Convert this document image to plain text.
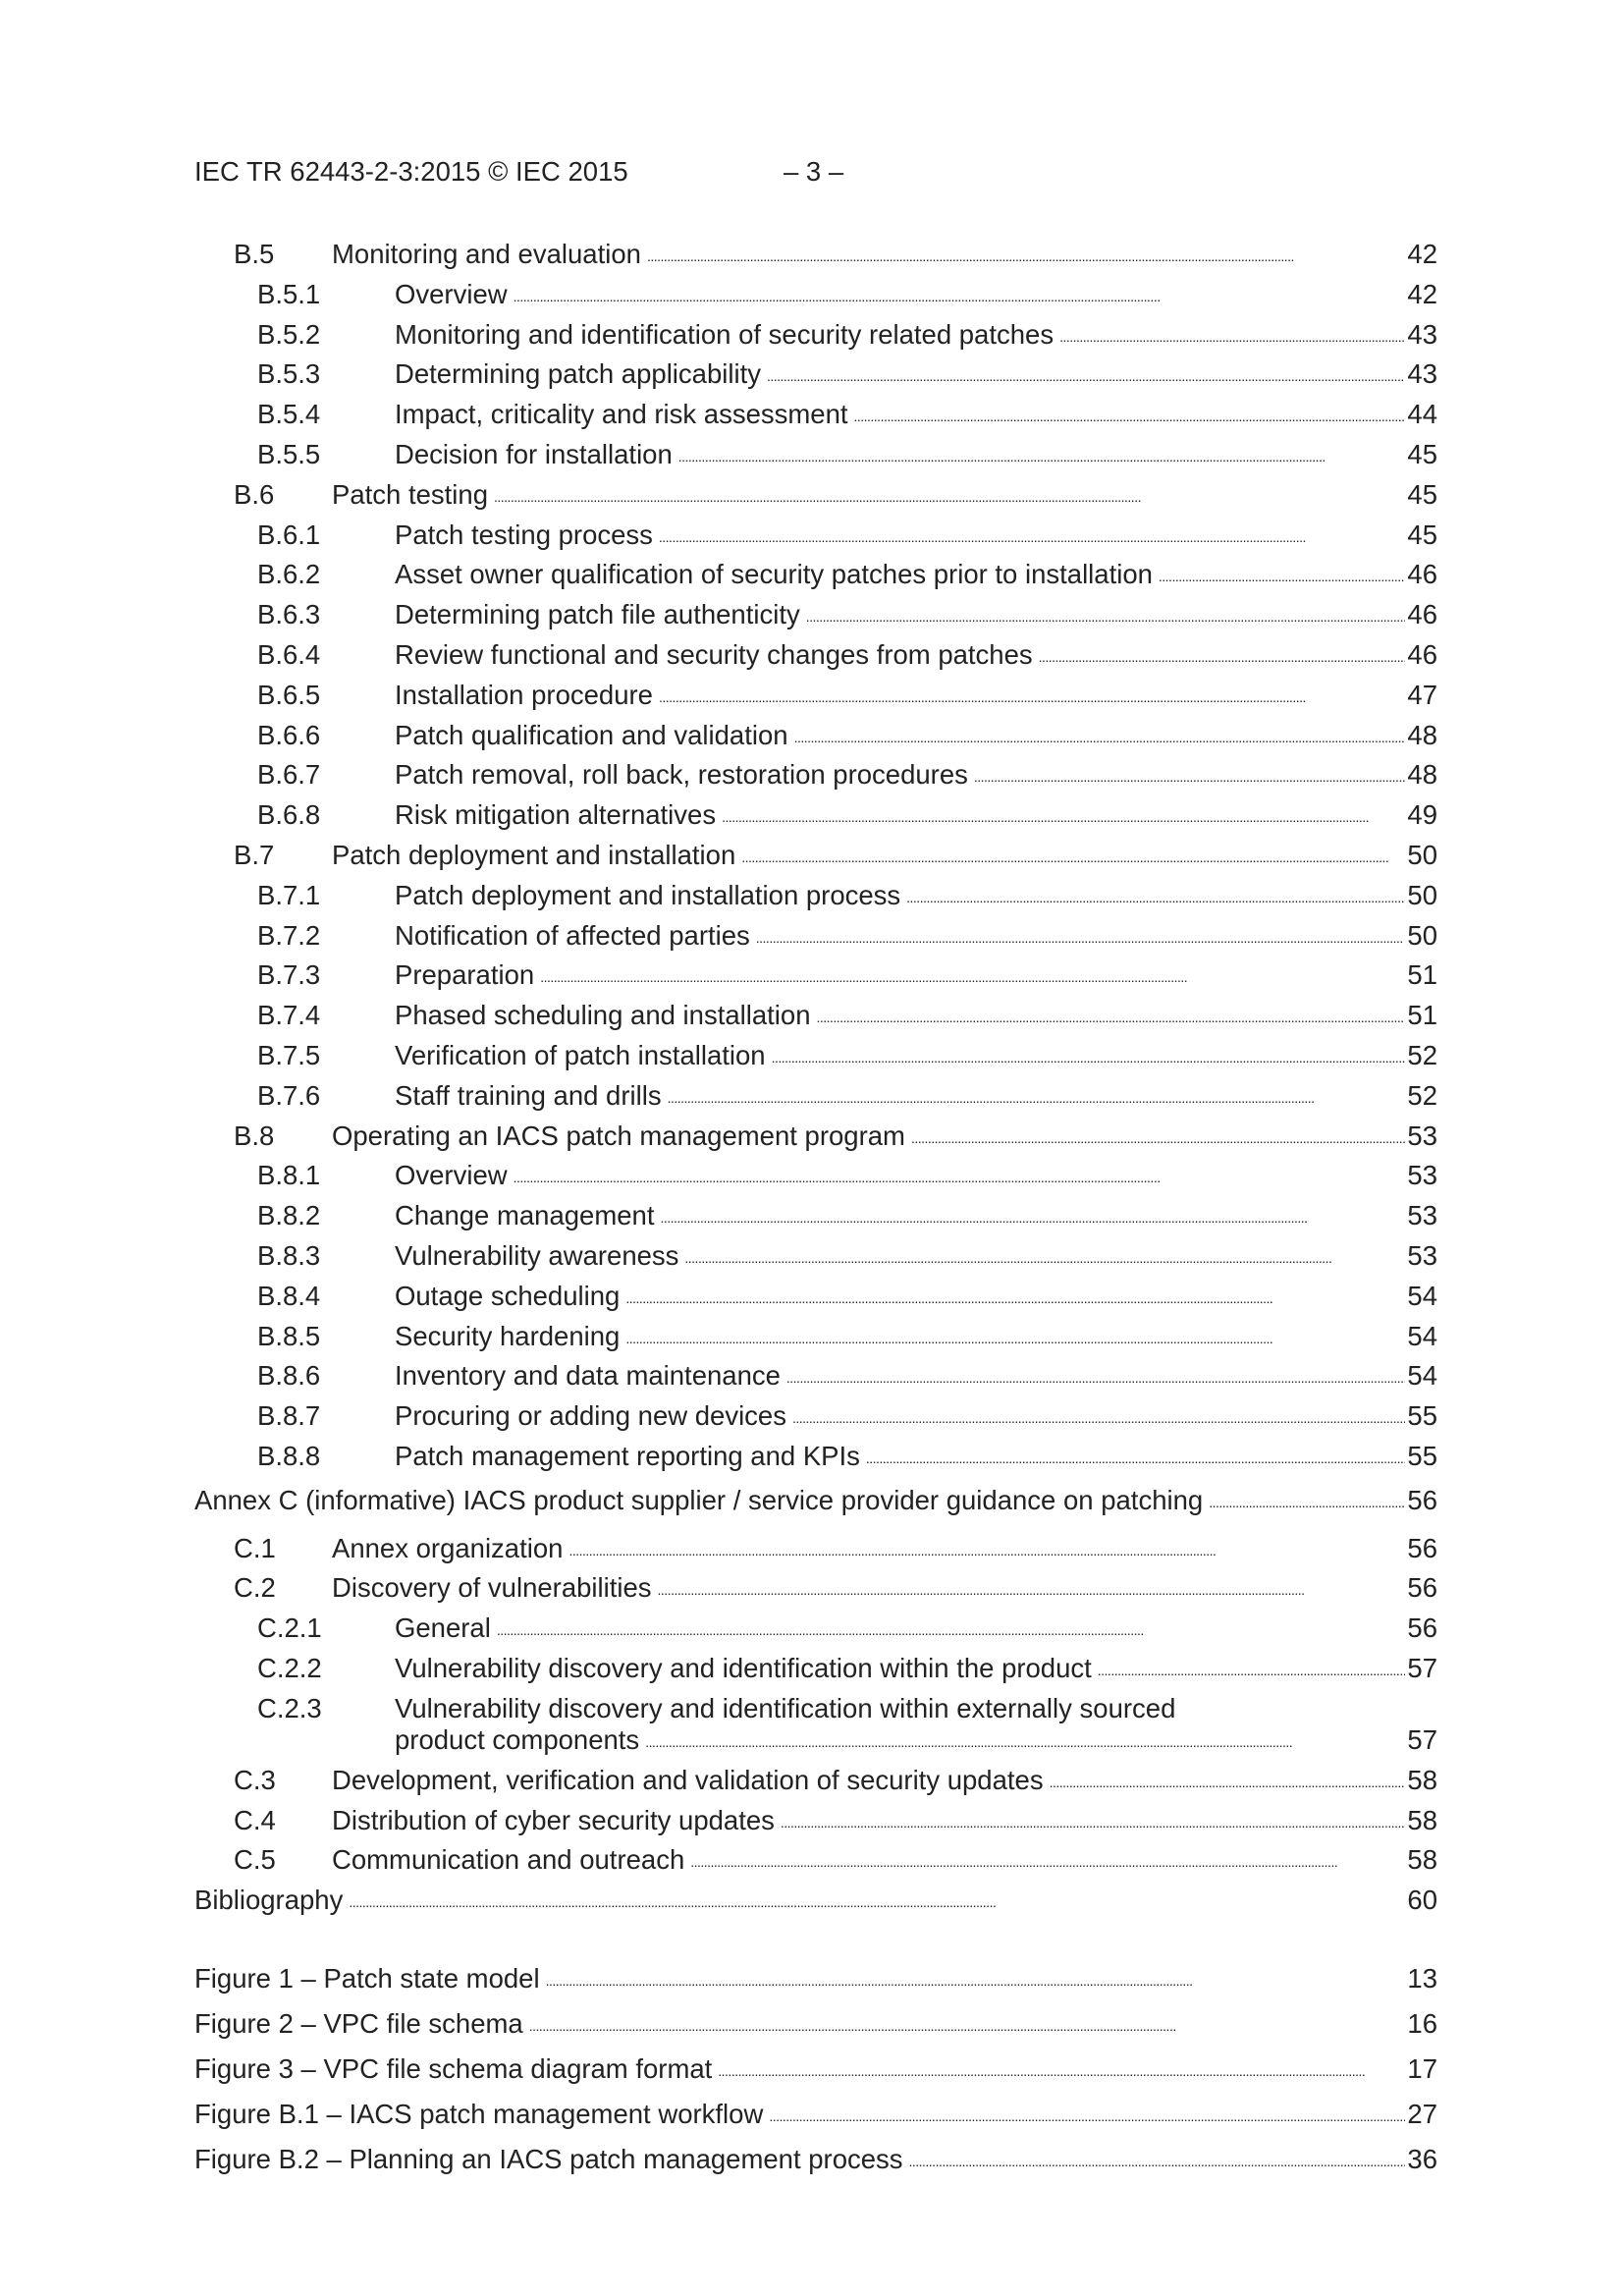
IEC TR 62443-2-3:2015 © IEC 2015	– 3 –
B.5 Monitoring and evaluation . . .	42
B.5.1	Overview . . .	42
B.5.2	Monitoring and identification of security related patches . . .	43
B.5.3	Determining patch applicability . . .	43
B.5.4	Impact, criticality and risk assessment . . .	44
B.5.5	Decision for installation . . .	45
B.6 Patch testing . . .	45
B.6.1	Patch testing process . . .	45
B.6.2	Asset owner qualification of security patches prior to installation . . .	46
B.6.3	Determining patch file authenticity . . .	46
B.6.4	Review functional and security changes from patches . . .	46
B.6.5	Installation procedure . . .	47
B.6.6	Patch qualification and validation . . .	48
B.6.7	Patch removal, roll back, restoration procedures . . .	48
B.6.8	Risk mitigation alternatives . . .	49
B.7 Patch deployment and installation . . .	50
B.7.1	Patch deployment and installation process . . .	50
B.7.2	Notification of affected parties . . .	50
B.7.3	Preparation . . .	51
B.7.4	Phased scheduling and installation . . .	51
B.7.5	Verification of patch installation . . .	52
B.7.6	Staff training and drills . . .	52
B.8 Operating an IACS patch management program . . .	53
B.8.1	Overview . . .	53
B.8.2	Change management . . .	53
B.8.3	Vulnerability awareness . . .	53
B.8.4	Outage scheduling . . .	54
B.8.5	Security hardening . . .	54
B.8.6	Inventory and data maintenance . . .	54
B.8.7	Procuring or adding new devices . . .	55
B.8.8	Patch management reporting and KPIs . . .	55
Annex C (informative) IACS product supplier / service provider guidance on patching . . .	56
C.1 Annex organization . . .	56
C.2 Discovery of vulnerabilities . . .	56
C.2.1	General . . .	56
C.2.2	Vulnerability discovery and identification within the product . . .	57
C.2.3	Vulnerability discovery and identification within externally sourced
product components . . .	57
C.3 Development, verification and validation of security updates . . .	58
C.4 Distribution of cyber security updates . . .	58
C.5 Communication and outreach . . .	58
Bibliography . . .	60
Figure 1 – Patch state model . . .	13
Figure 2 – VPC file schema . . .	16
Figure 3 – VPC file schema diagram format . . .	17
Figure B.1 – IACS patch management workflow . . .	27
Figure B.2 – Planning an IACS patch management process . . .	36
